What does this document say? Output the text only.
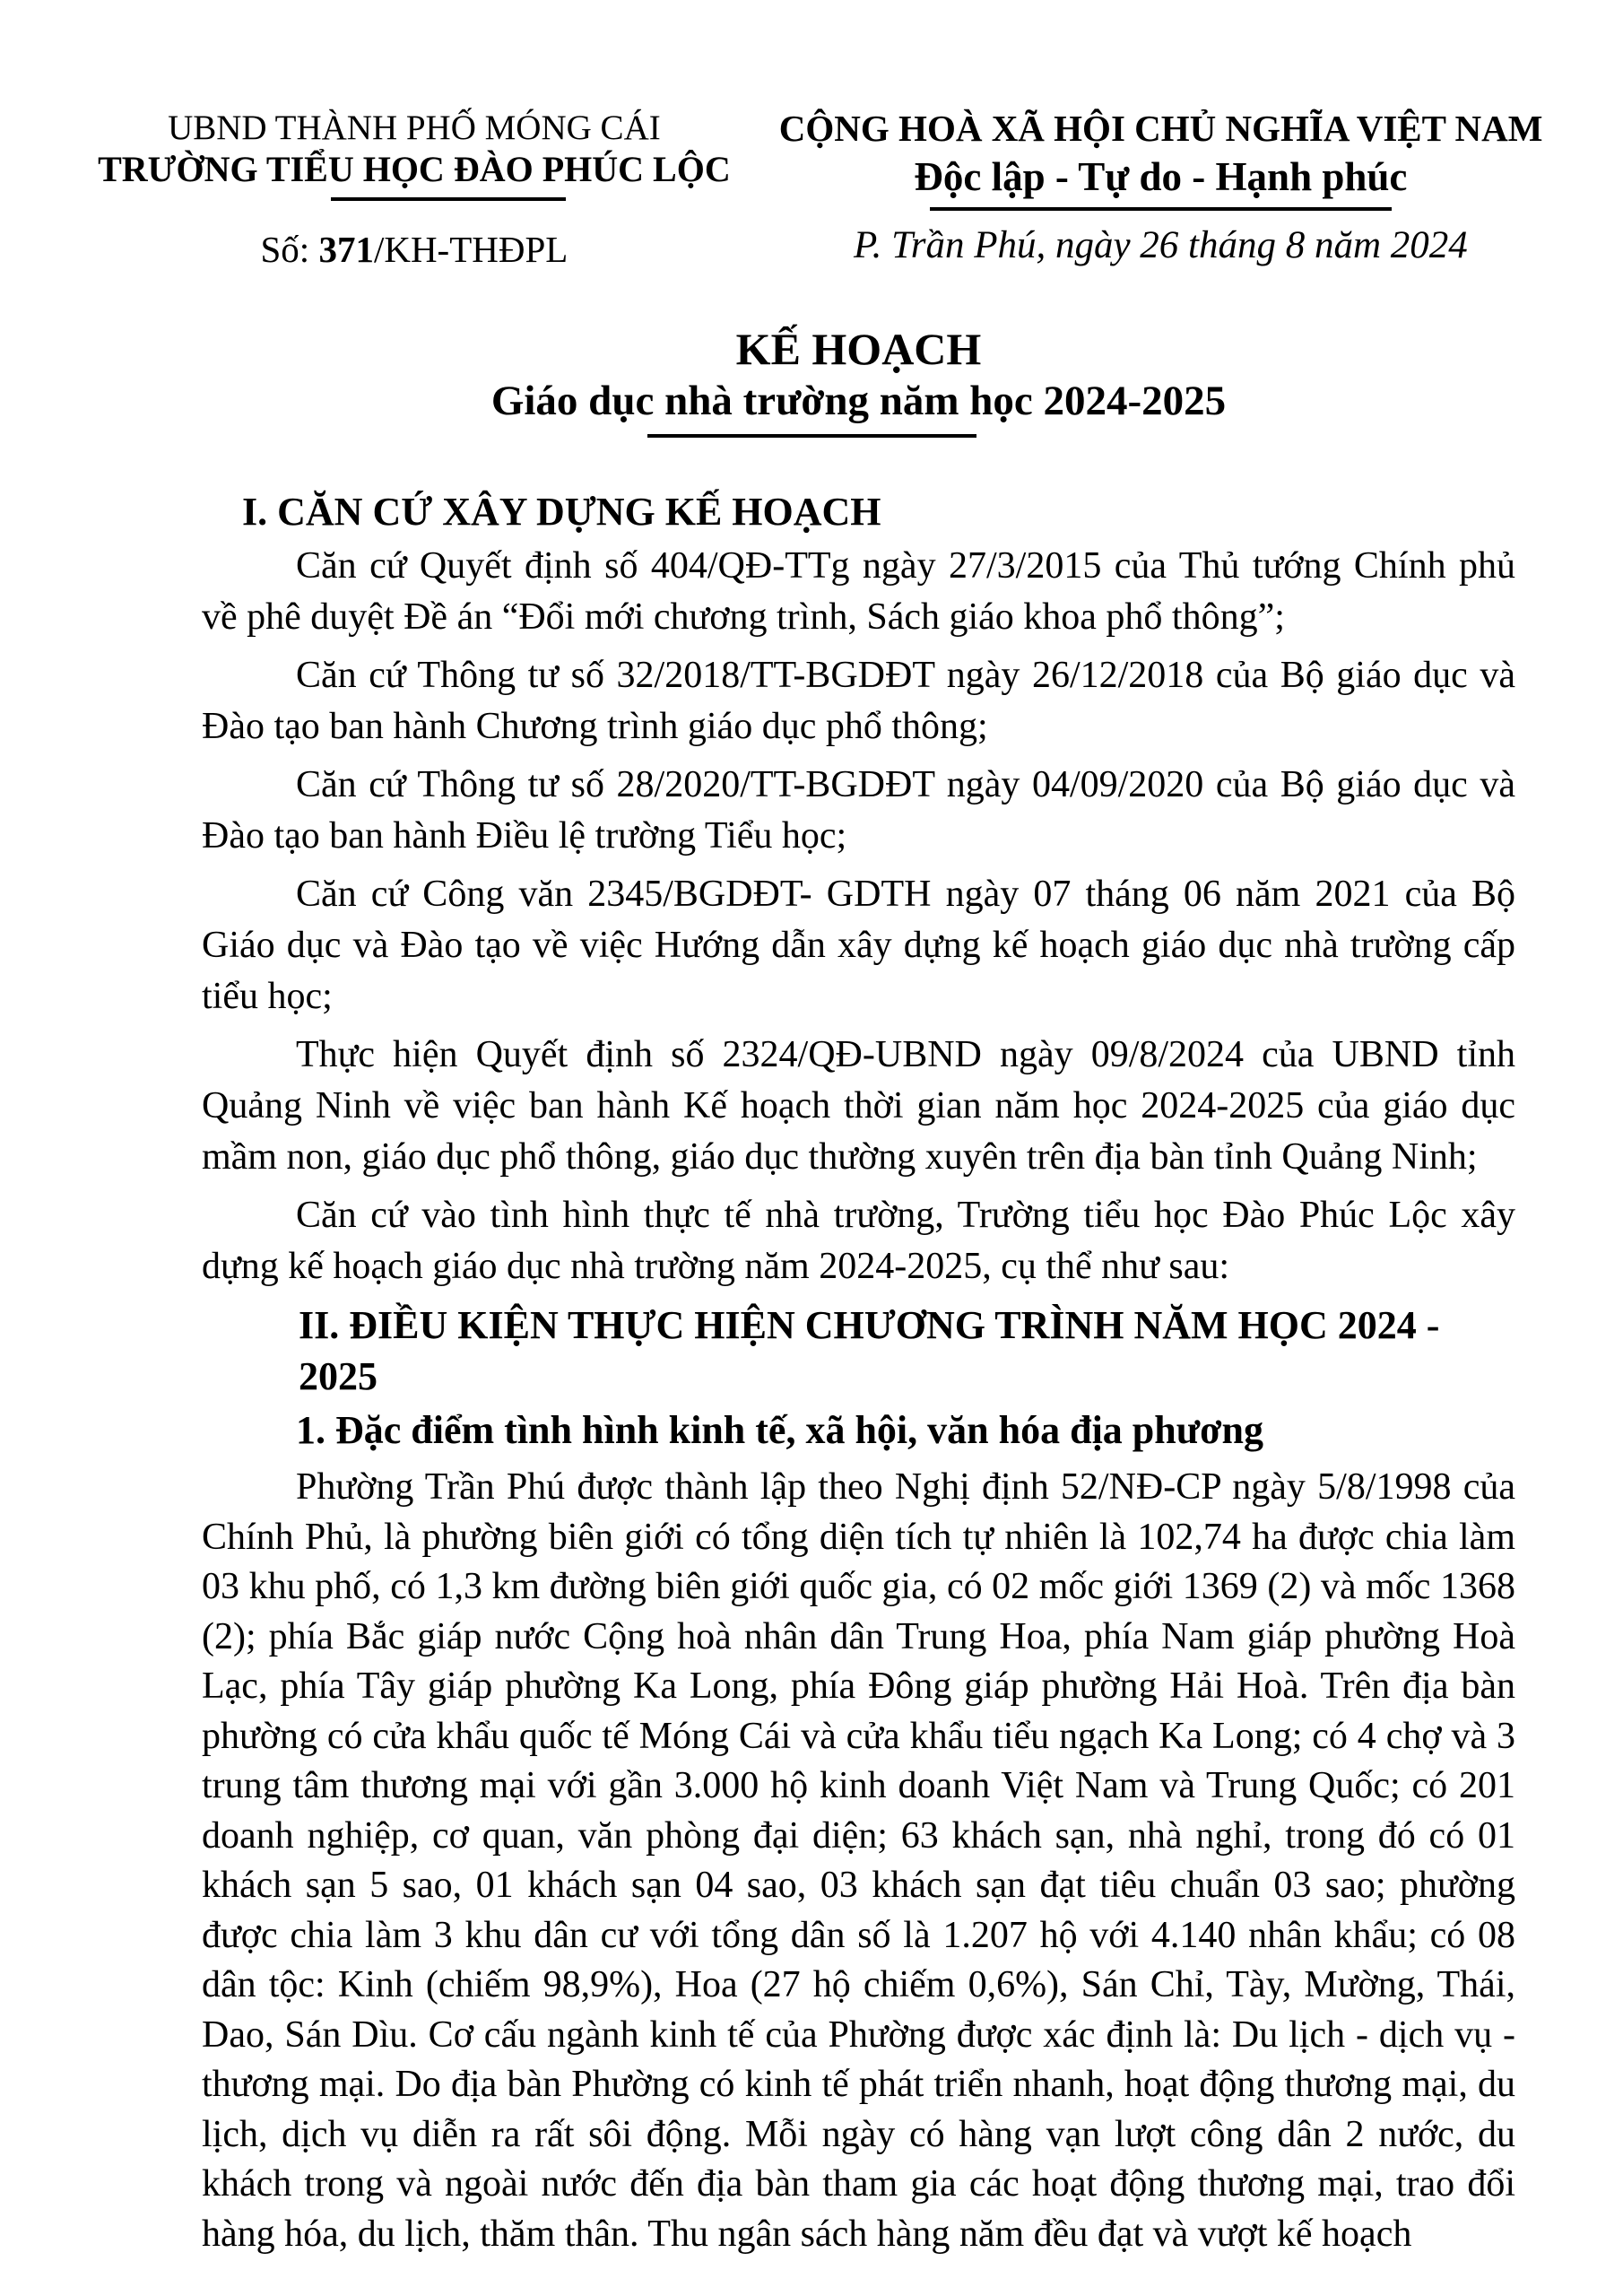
UBND THÀNH PHỐ MÓNG CÁI

TRƯỜNG TIỂU HỌC ĐÀO PHÚC LỘC

Số: 371/KH-THĐPL

CỘNG HOÀ XÃ HỘI CHỦ NGHĨA VIỆT NAM

Độc lập - Tự do - Hạnh phúc

P. Trần Phú, ngày 26 tháng 8 năm 2024

KẾ HOẠCH

Giáo dục nhà trường năm học 2024-2025

I. CĂN CỨ XÂY DỰNG KẾ HOẠCH

Căn cứ Quyết định số 404/QĐ-TTg ngày 27/3/2015 của Thủ tướng Chính phủ về phê duyệt Đề án “Đổi mới chương trình, Sách giáo khoa phổ thông”;

Căn cứ Thông tư số 32/2018/TT-BGDĐT ngày 26/12/2018 của Bộ giáo dục và Đào tạo ban hành Chương trình giáo dục phổ thông;

Căn cứ Thông tư số 28/2020/TT-BGDĐT ngày 04/09/2020 của Bộ giáo dục và Đào tạo ban hành Điều lệ trường Tiểu học;

Căn cứ Công văn 2345/BGDĐT- GDTH ngày 07 tháng 06 năm 2021 của Bộ Giáo dục và Đào tạo về việc Hướng dẫn xây dựng kế hoạch giáo dục nhà trường cấp tiểu học;

Thực hiện Quyết định số 2324/QĐ-UBND ngày 09/8/2024 của UBND tỉnh Quảng Ninh về việc ban hành Kế hoạch thời gian năm học 2024-2025 của giáo dục mầm non, giáo dục phổ thông, giáo dục thường xuyên trên địa bàn tỉnh Quảng Ninh;

Căn cứ vào tình hình thực tế nhà trường, Trường tiểu học Đào Phúc Lộc xây dựng kế hoạch giáo dục nhà trường năm 2024-2025, cụ thể như sau:

II. ĐIỀU KIỆN THỰC HIỆN CHƯƠNG TRÌNH NĂM HỌC 2024 - 2025

1. Đặc điểm tình hình kinh tế, xã hội, văn hóa địa phương

Phường Trần Phú được thành lập theo Nghị định 52/NĐ-CP ngày 5/8/1998 của Chính Phủ, là phường biên giới có tổng diện tích tự nhiên là 102,74 ha được chia làm 03 khu phố, có 1,3 km đường biên giới quốc gia, có 02 mốc giới 1369 (2) và mốc 1368 (2); phía Bắc giáp nước Cộng hoà nhân dân Trung Hoa, phía Nam giáp phường Hoà Lạc, phía Tây giáp phường Ka Long, phía Đông giáp phường Hải Hoà. Trên địa bàn phường có cửa khẩu quốc tế Móng Cái và cửa khẩu tiểu ngạch Ka Long; có 4 chợ và 3 trung tâm thương mại với gần 3.000 hộ kinh doanh Việt Nam và Trung Quốc; có 201 doanh nghiệp, cơ quan, văn phòng đại diện; 63 khách sạn, nhà nghỉ, trong đó có 01 khách sạn 5 sao, 01 khách sạn 04 sao, 03 khách sạn đạt tiêu chuẩn 03 sao; phường được chia làm 3 khu dân cư với tổng dân số là 1.207 hộ với 4.140 nhân khẩu; có 08 dân tộc: Kinh (chiếm 98,9%), Hoa (27 hộ chiếm 0,6%), Sán Chỉ, Tày, Mường, Thái, Dao, Sán Dìu. Cơ cấu ngành kinh tế của Phường được xác định là: Du lịch - dịch vụ - thương mại. Do địa bàn Phường có kinh tế phát triển nhanh, hoạt động thương mại, du lịch, dịch vụ diễn ra rất sôi động. Mỗi ngày có hàng vạn lượt công dân 2 nước, du khách trong và ngoài nước đến địa bàn tham gia các hoạt động thương mại, trao đổi hàng hóa, du lịch, thăm thân. Thu ngân sách hàng năm đều đạt và vượt kế hoạch
